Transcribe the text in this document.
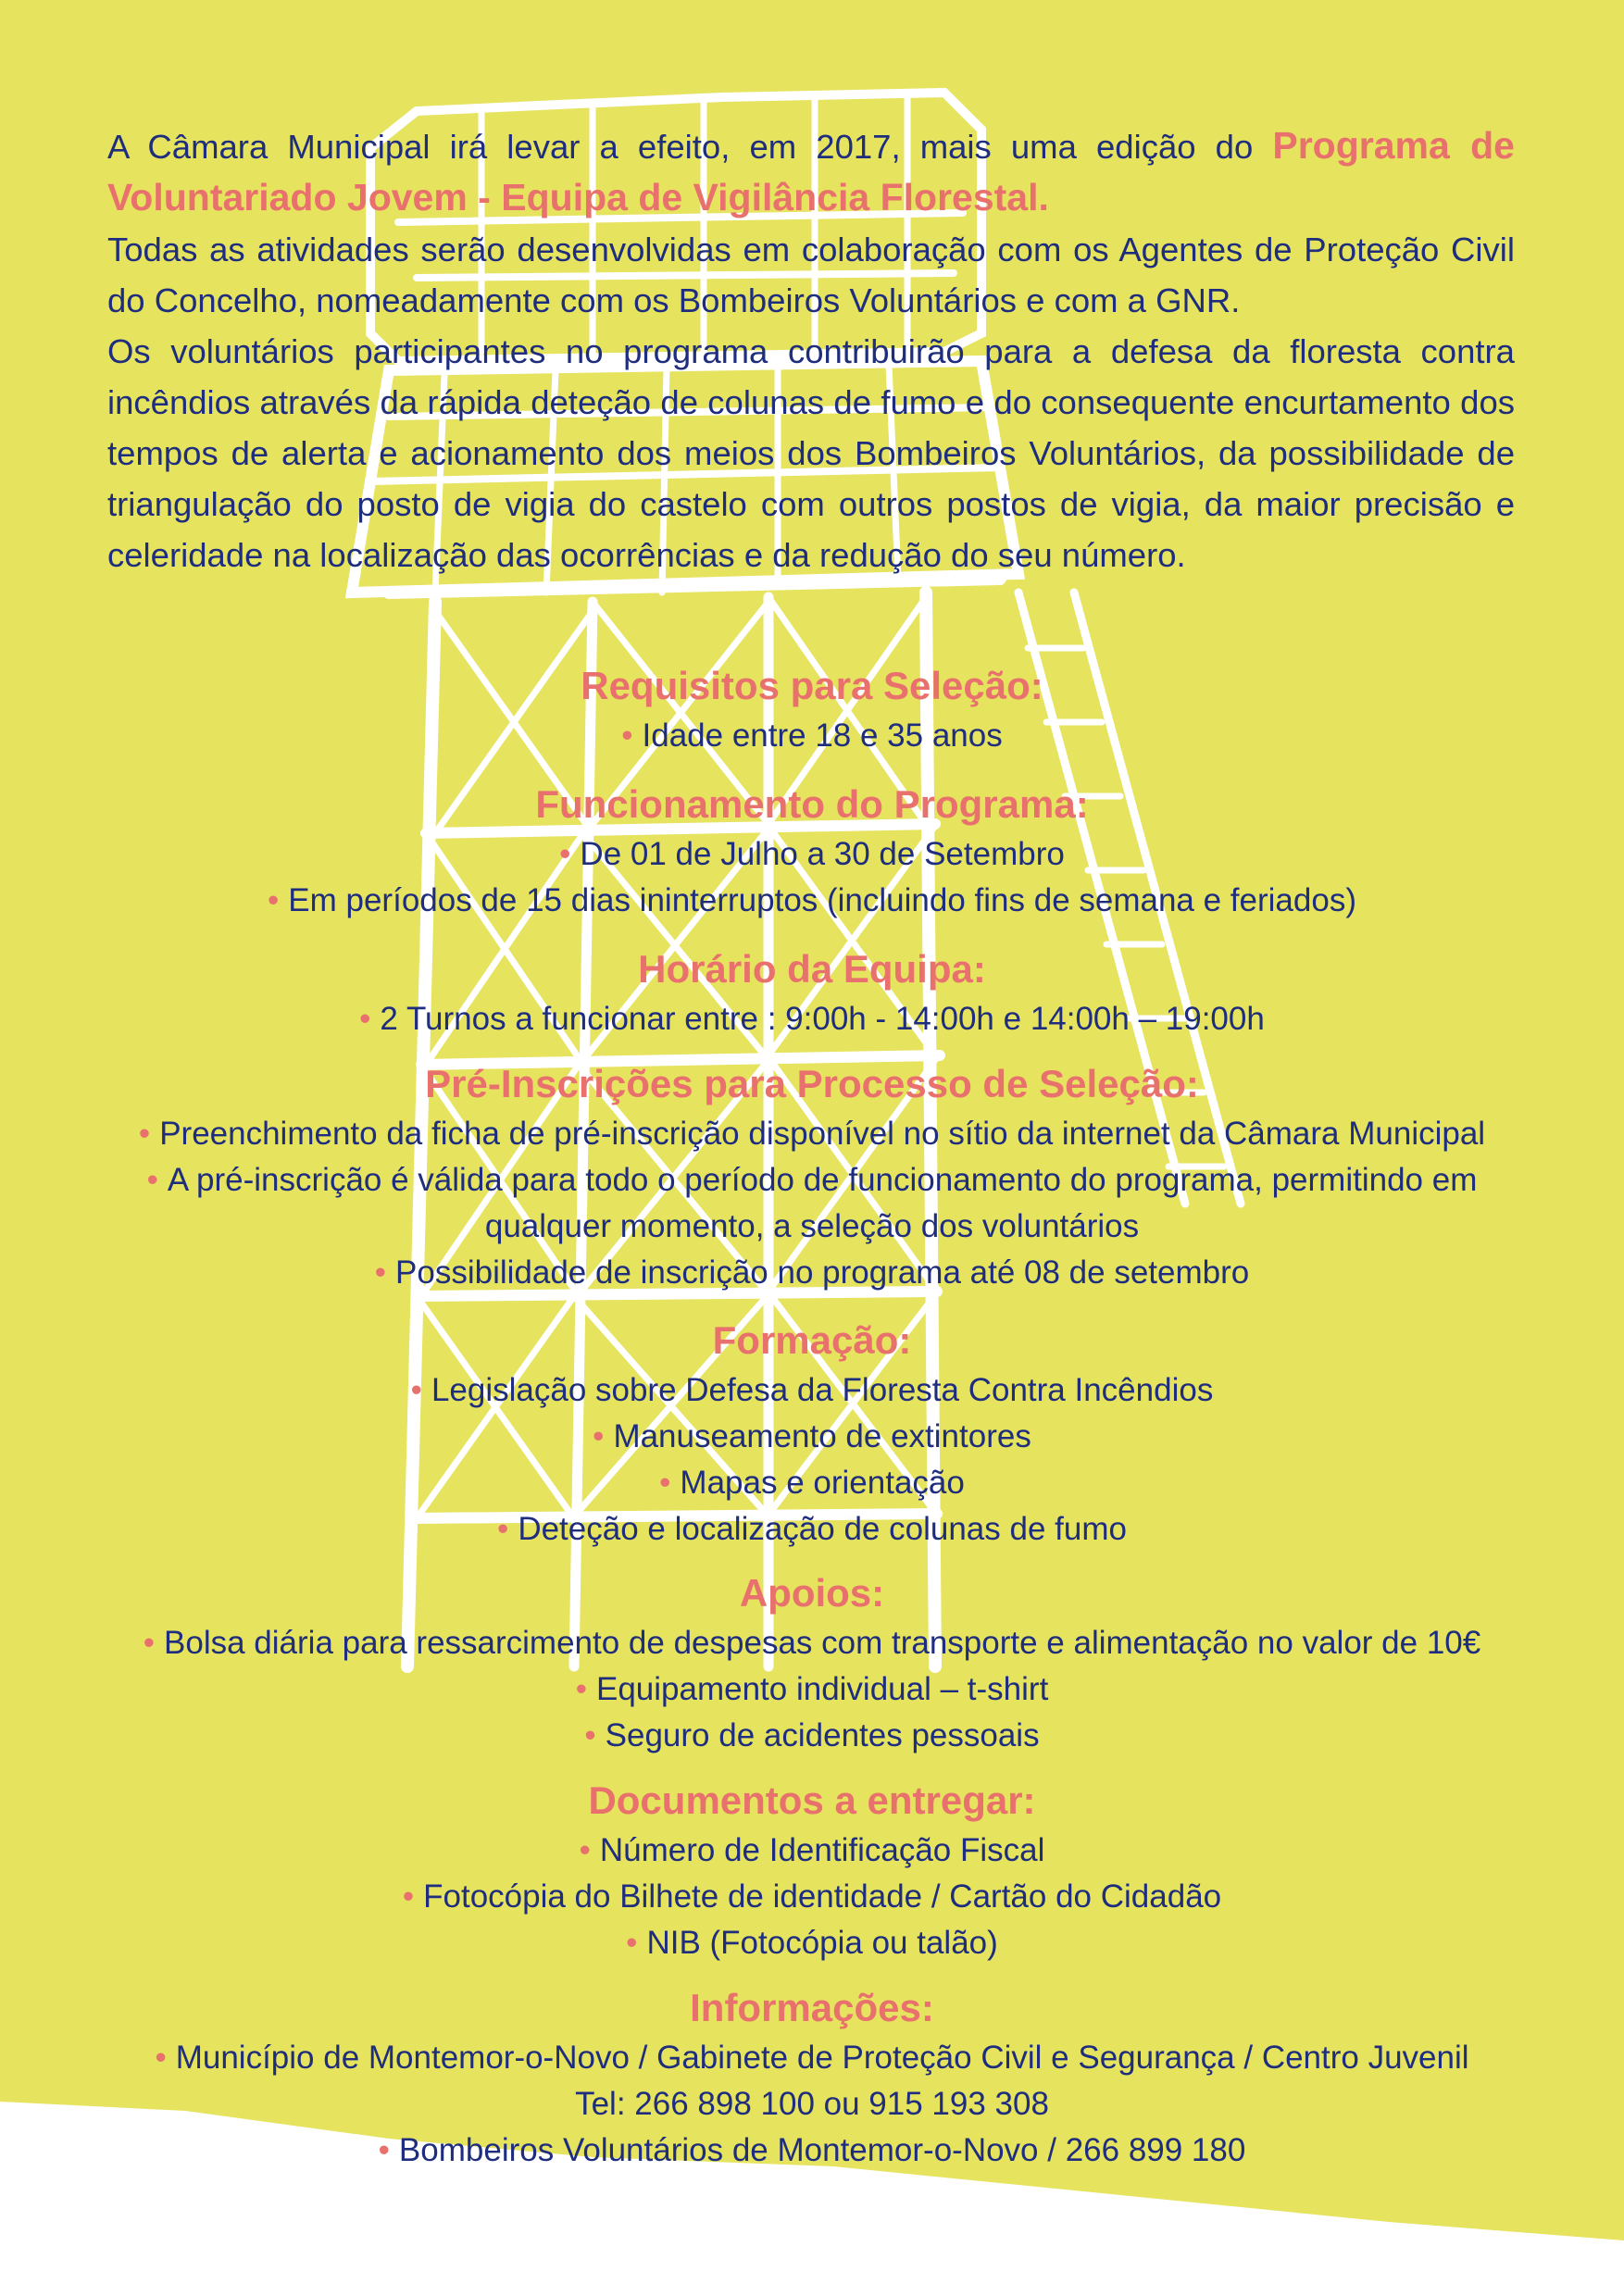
A Câmara Municipal irá levar a efeito, em 2017, mais uma edição do Programa de Voluntariado Jovem - Equipa de Vigilância Florestal.

Todas as atividades serão desenvolvidas em colaboração com os Agentes de Proteção Civil do Concelho, nomeadamente com os Bombeiros Voluntários e com a GNR.

Os voluntários participantes no programa contribuirão para a defesa da floresta contra incêndios através da rápida deteção de colunas de fumo e do consequente encurtamento dos tempos de alerta e acionamento dos meios dos Bombeiros Voluntários, da possibilidade de triangulação do posto de vigia do castelo com outros postos de vigia, da maior precisão e celeridade na localização das ocorrências e da redução do seu número.

Requisitos para Seleção:
• Idade entre 18 e 35 anos
Funcionamento do Programa:
• De 01 de Julho a 30 de Setembro
• Em períodos de 15 dias ininterruptos (incluindo fins de semana e feriados)
Horário da Equipa:
• 2 Turnos a funcionar entre : 9:00h - 14:00h e 14:00h – 19:00h
Pré-Inscrições para Processo de Seleção:
• Preenchimento da ficha de pré-inscrição disponível no sítio da internet da Câmara Municipal
• A pré-inscrição é válida para todo o período de funcionamento do programa, permitindo em
qualquer momento, a seleção dos voluntários
• Possibilidade de inscrição no programa até 08 de setembro
Formação:
• Legislação sobre Defesa da Floresta Contra Incêndios
• Manuseamento de extintores
• Mapas e orientação
• Deteção e localização de colunas de fumo
Apoios:
• Bolsa diária para ressarcimento de despesas com transporte e alimentação no valor de 10€
• Equipamento individual – t-shirt
• Seguro de acidentes pessoais
Documentos a entregar:
• Número de Identificação Fiscal
• Fotocópia do Bilhete de identidade / Cartão do Cidadão
• NIB (Fotocópia ou talão)
Informações:
• Município de Montemor-o-Novo / Gabinete de Proteção Civil e Segurança / Centro Juvenil
Tel: 266 898 100 ou 915 193 308
• Bombeiros Voluntários de Montemor-o-Novo / 266 899 180
